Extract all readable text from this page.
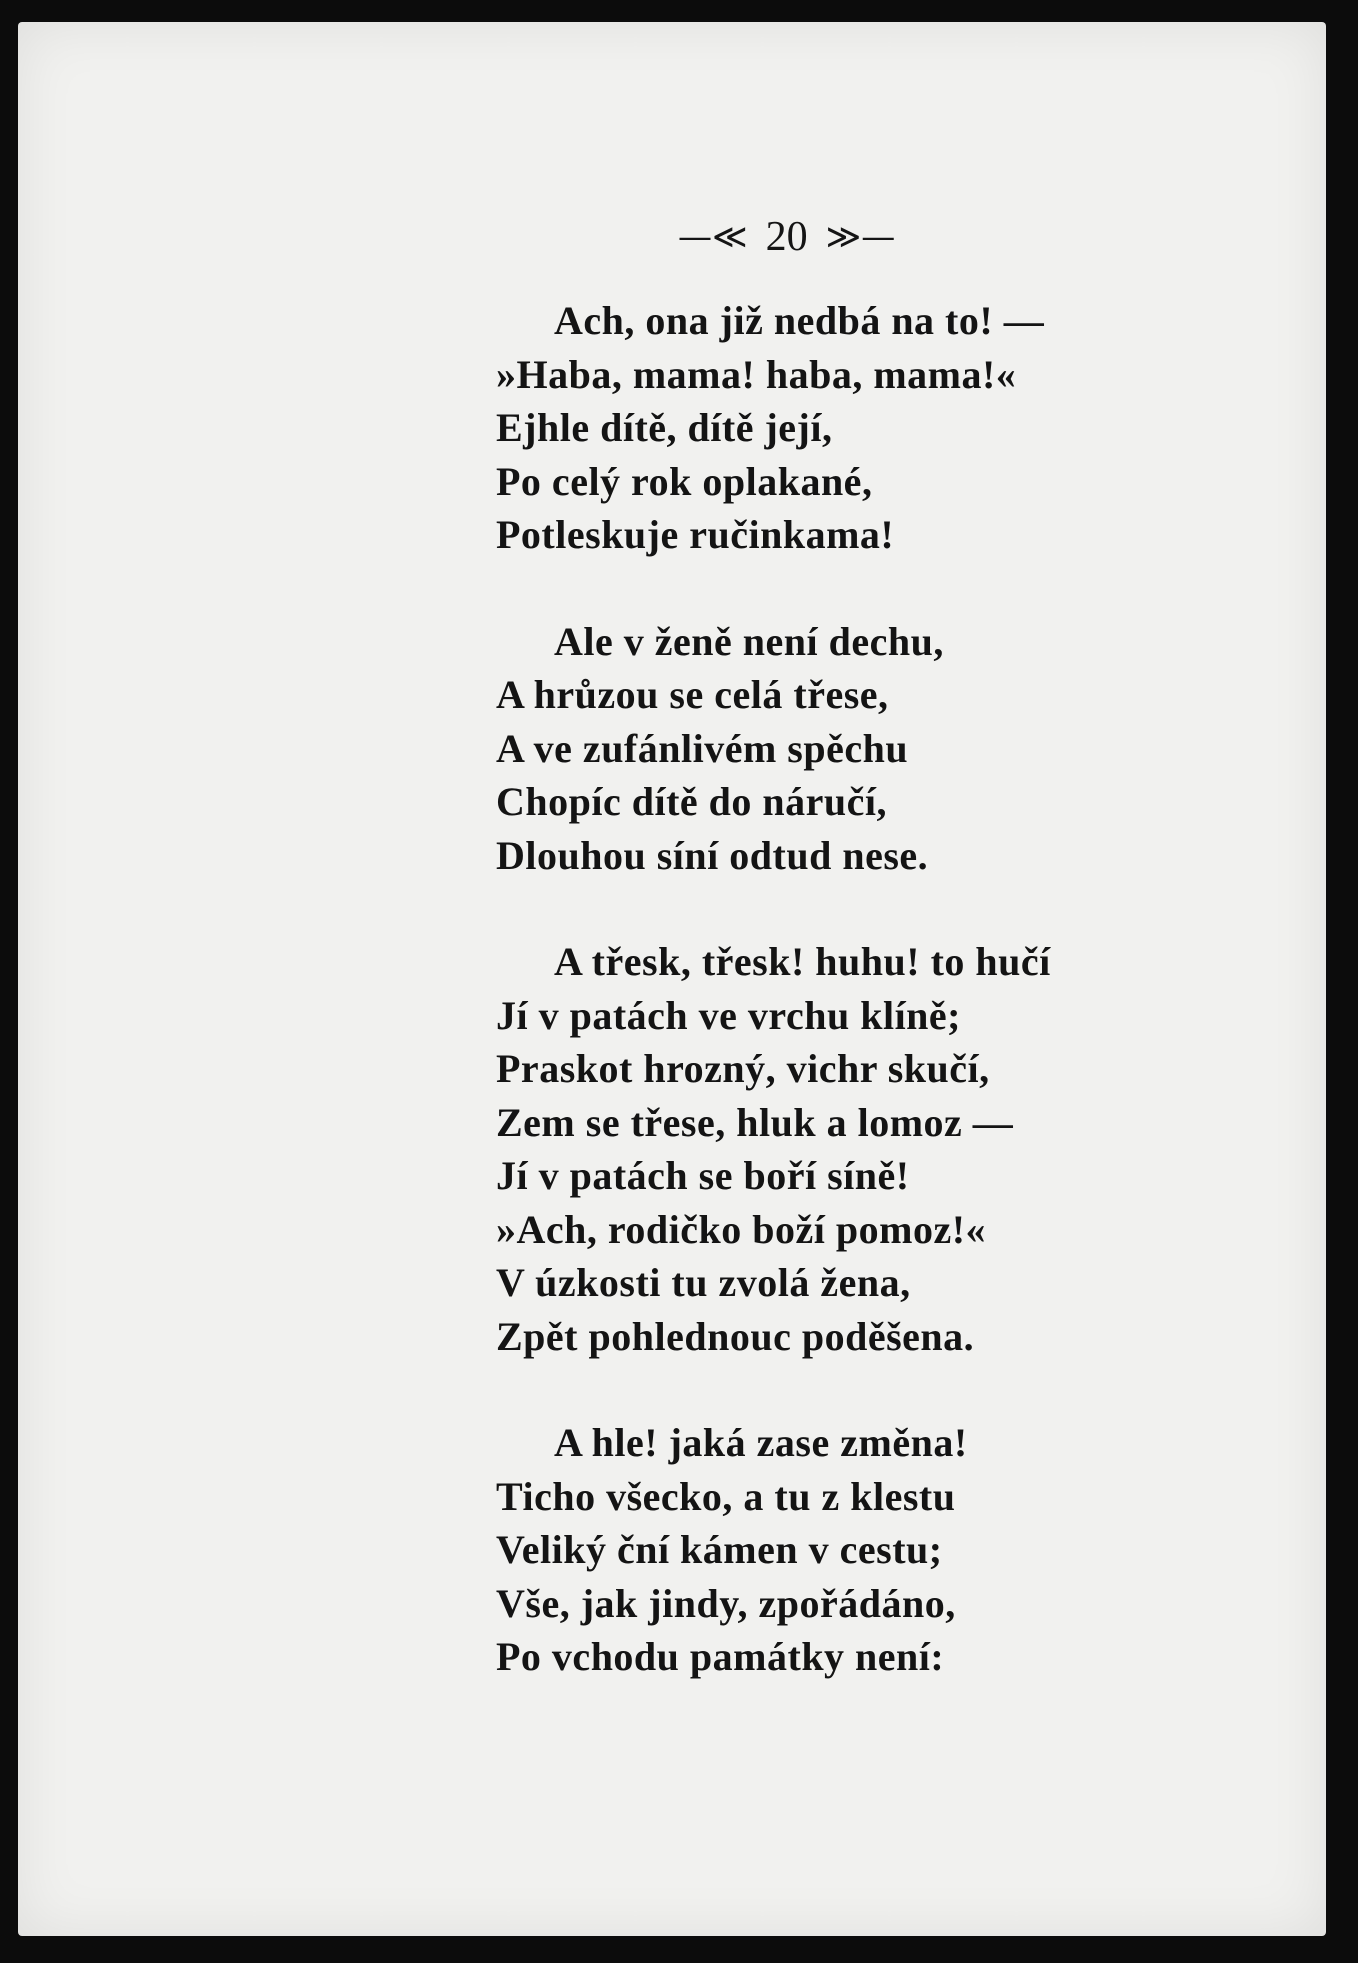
—≪ 20 ≫—
Ach, ona již nedbá na to! —
»Haba, mama! haba, mama!«
Ejhle dítě, dítě její,
Po celý rok oplakané,
Potleskuje ručinkama!
Ale v ženě není dechu,
A hrůzou se celá třese,
A ve zufánlivém spěchu
Chopíc dítě do náručí,
Dlouhou síní odtud nese.
A třesk, třesk! huhu! to hučí
Jí v patách ve vrchu klíně;
Praskot hrozný, vichr skučí,
Zem se třese, hluk a lomoz —
Jí v patách se boří síně!
»Ach, rodičko boží pomoz!«
V úzkosti tu zvolá žena,
Zpět pohlednouc poděšena.
A hle! jaká zase změna!
Ticho všecko, a tu z klestu
Veliký ční kámen v cestu;
Vše, jak jindy, zpořádáno,
Po vchodu památky není:
